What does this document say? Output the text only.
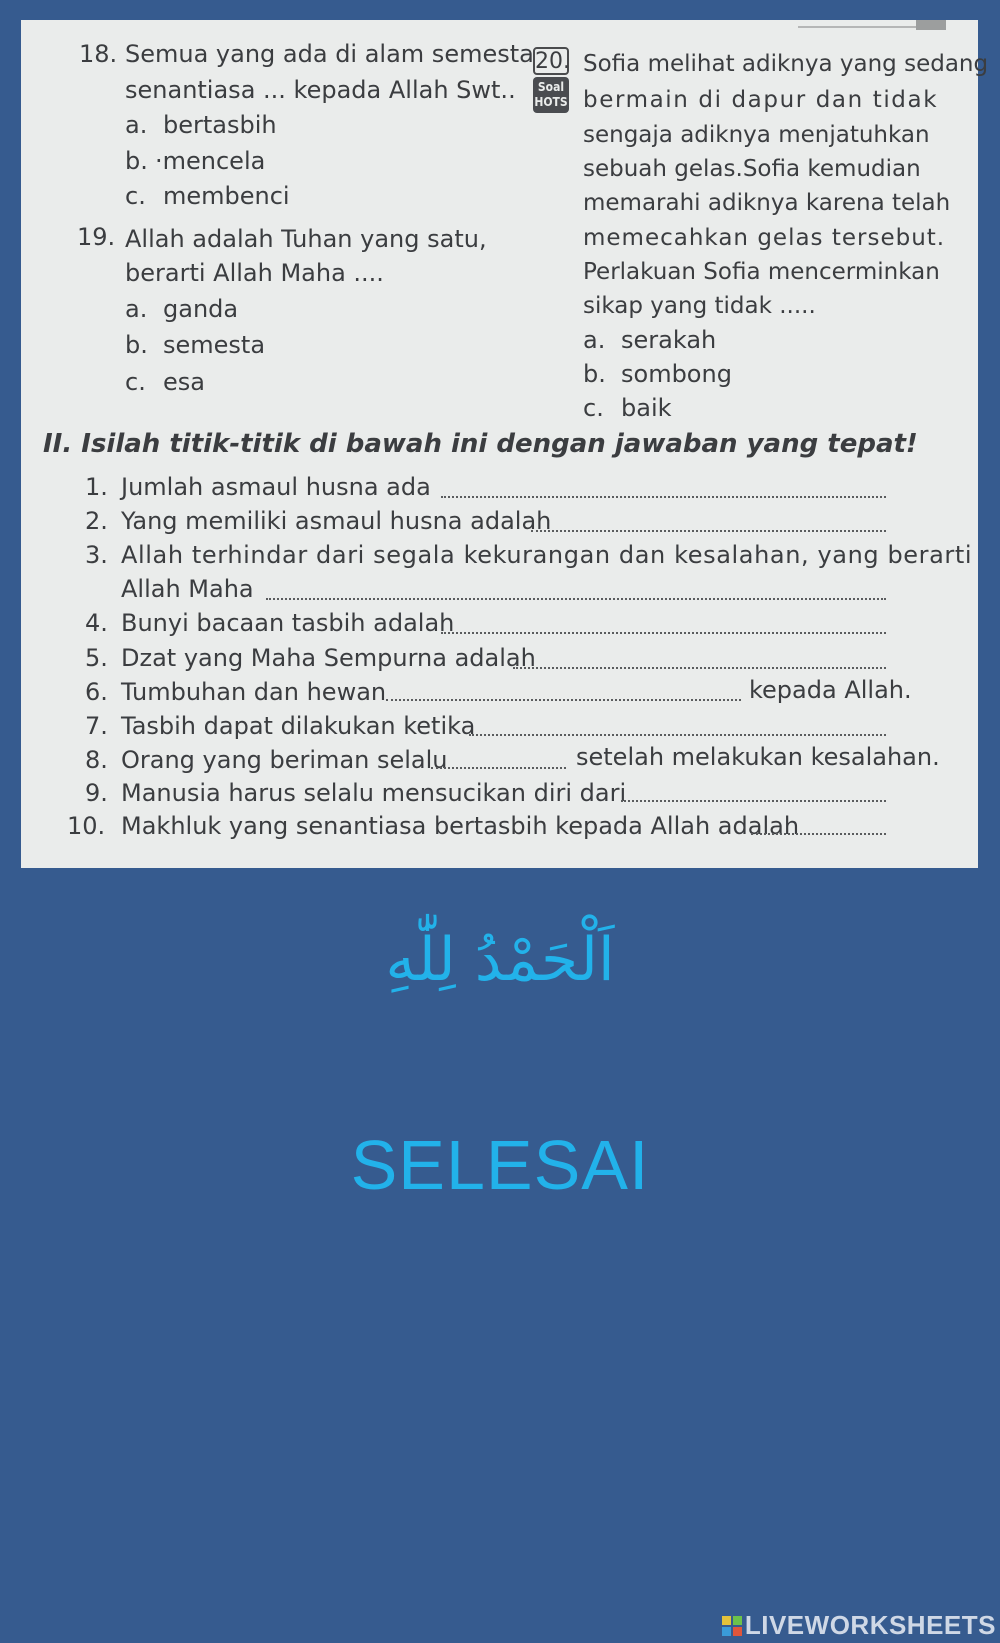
18. Semua yang ada di alam semesta
senantiasa ... kepada Allah Swt..
a. bertasbih
b. ·mencela
c. membenci
19. Allah adalah Tuhan yang satu,
berarti Allah Maha ....
a. ganda
b. semesta
c. esa
20.
Soal
HOTS
Sofia melihat adiknya yang sedang
bermain di dapur dan tidak
sengaja adiknya menjatuhkan
sebuah gelas.Sofia kemudian
memarahi adiknya karena telah
memecahkan gelas tersebut.
Perlakuan Sofia mencerminkan
sikap yang tidak .....
a. serakah
b. sombong
c. baik
II. Isilah titik-titik di bawah ini dengan jawaban yang tepat!
1. Jumlah asmaul husna ada
2. Yang memiliki asmaul husna adalah
3. Allah terhindar dari segala kekurangan dan kesalahan, yang berarti
Allah Maha
4. Bunyi bacaan tasbih adalah
5. Dzat yang Maha Sempurna adalah
6. Tumbuhan dan hewan	kepada Allah.
7. Tasbih dapat dilakukan ketika
8. Orang yang beriman selalu	setelah melakukan kesalahan.
9. Manusia harus selalu mensucikan diri dari
10. Makhluk yang senantiasa bertasbih kepada Allah adalah
اَلْحَمْدُ لِلّٰهِ
SELESAI
LIVEWORKSHEETS
